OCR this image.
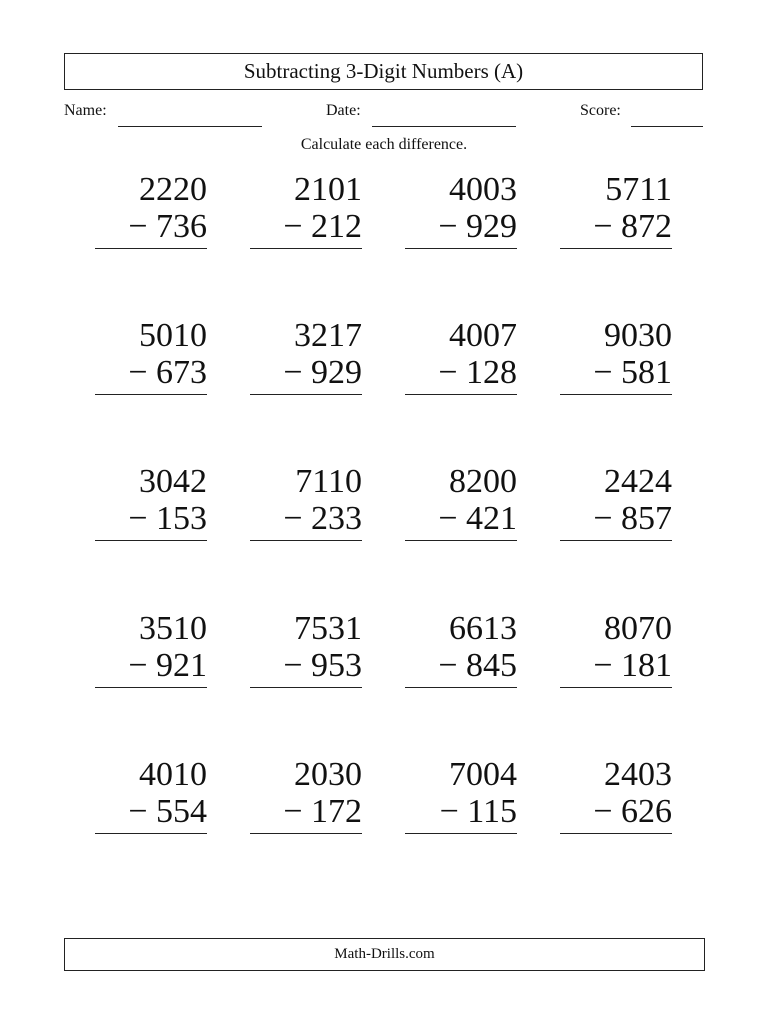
Subtracting 3-Digit Numbers (A)
Name:	Date:	Score:
Calculate each difference.
2220
− 736
2101
− 212
4003
− 929
5711
− 872
5010
− 673
3217
− 929
4007
− 128
9030
− 581
3042
− 153
7110
− 233
8200
− 421
2424
− 857
3510
− 921
7531
− 953
6613
− 845
8070
− 181
4010
− 554
2030
− 172
7004
− 115
2403
− 626
Math-Drills.com
